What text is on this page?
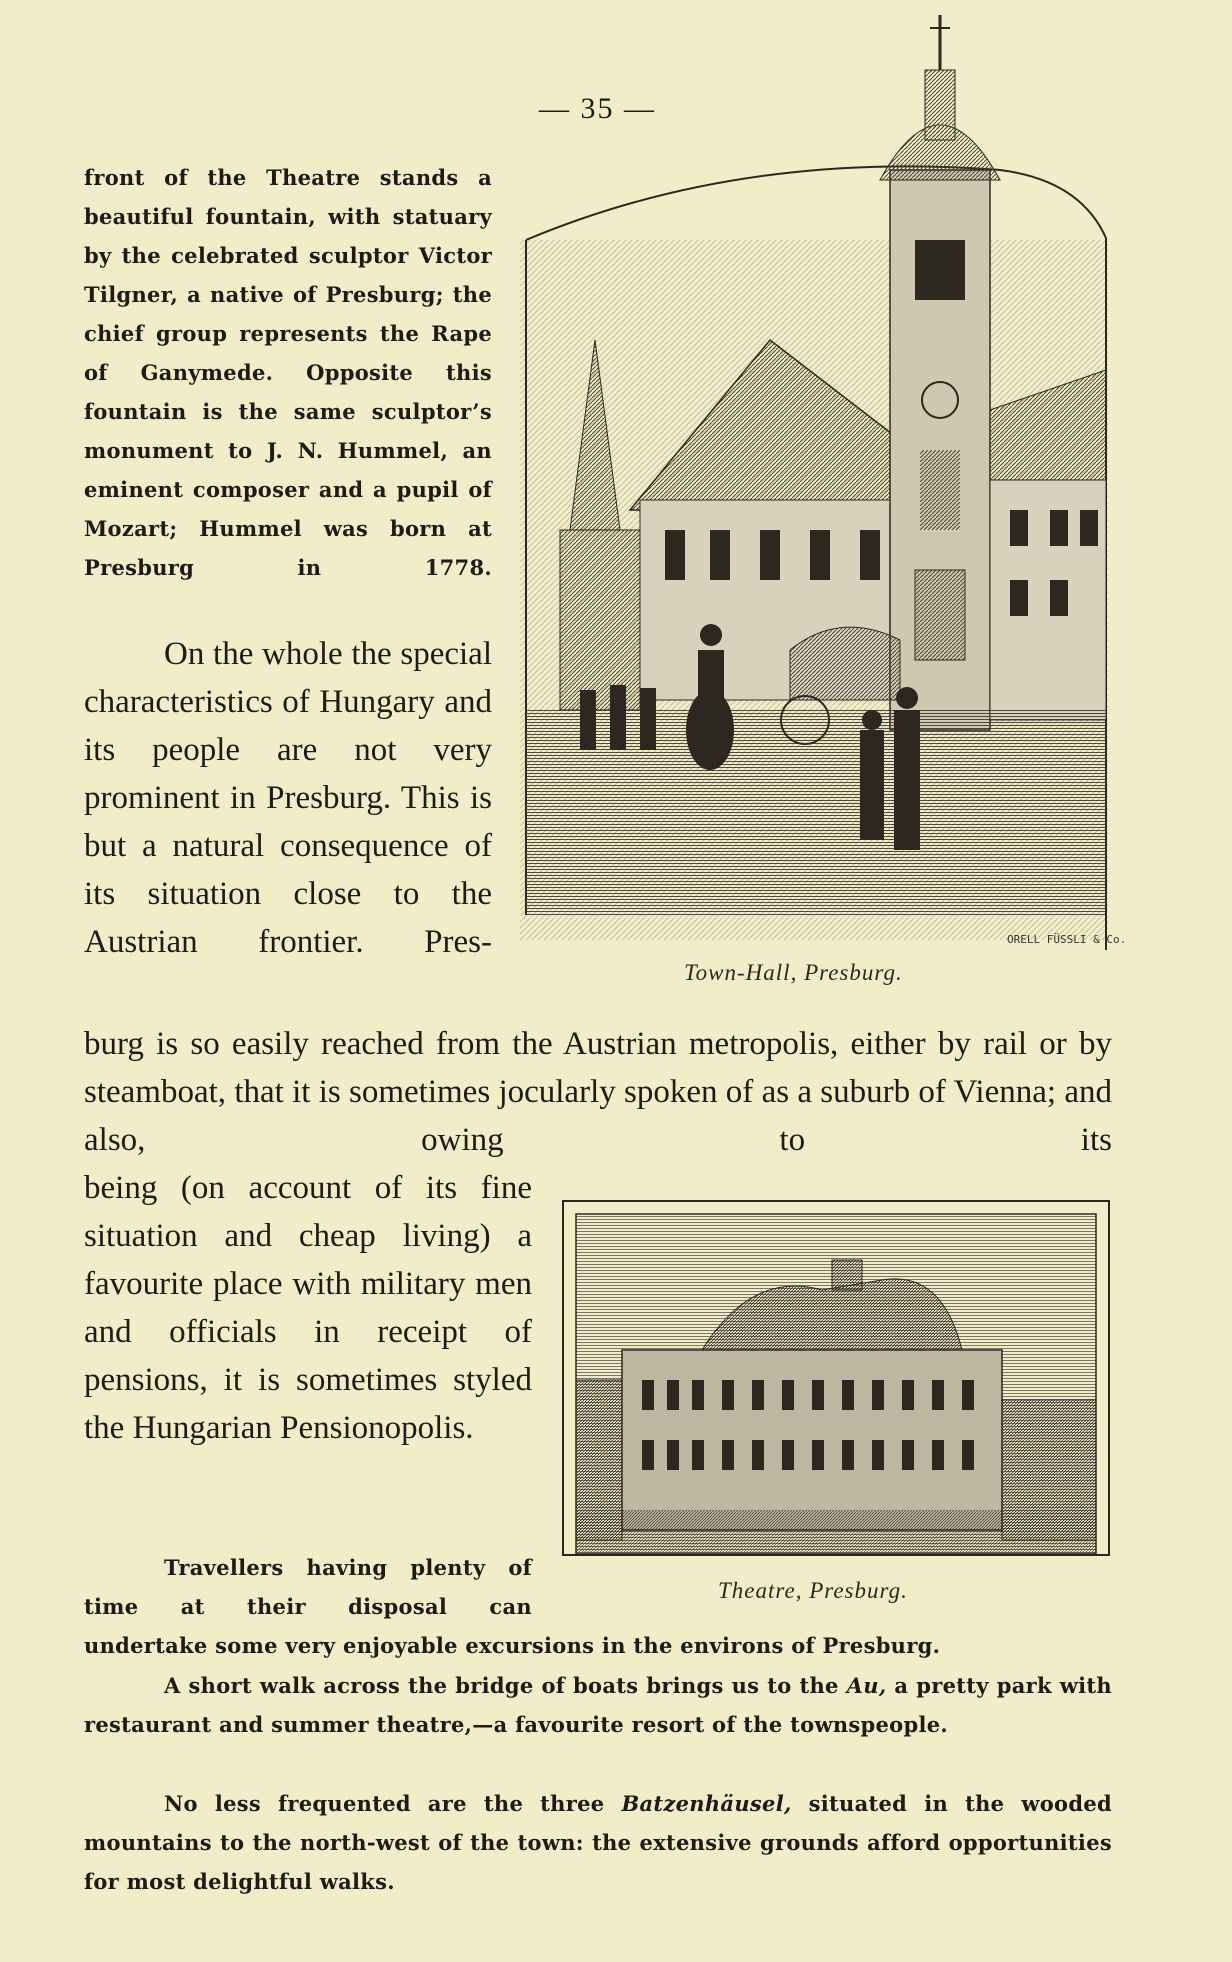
— 35 —

front of the Theatre stands a beautiful fountain, with statuary by the celebrated sculptor Victor Tilgner, a native of Presburg; the chief group represents the Rape of Ganymede. Opposite this fountain is the same sculptor’s monument to J. N. Hummel, an eminent composer and a pupil of Mozart; Hummel was born at Presburg in 1778.

On the whole the special characteristics of Hungary and its people are not very prominent in Presburg. This is but a natural consequence of its situation close to the Austrian frontier. Pres-

burg is so easily reached from the Austrian metropolis, either by rail or by steamboat, that it is sometimes jocularly spoken of as a suburb of Vienna; and also, owing to its

being (on account of its fine situation and cheap living) a favourite place with military men and officials in receipt of pensions, it is sometimes styled the Hungarian Pensionopolis.

Travellers having plenty of time at their disposal can

undertake some very enjoyable excursions in the environs of Presburg.

A short walk across the bridge of boats brings us to the Au, a pretty park with restaurant and summer theatre,—a favourite resort of the townspeople.

No less frequented are the three Batzenhäusel, situated in the wooded mountains to the north-west of the town: the extensive grounds afford opportunities for most delightful walks.

ORELL FÜSSLI & Co.
Town-Hall, Presburg.
Theatre, Presburg.
